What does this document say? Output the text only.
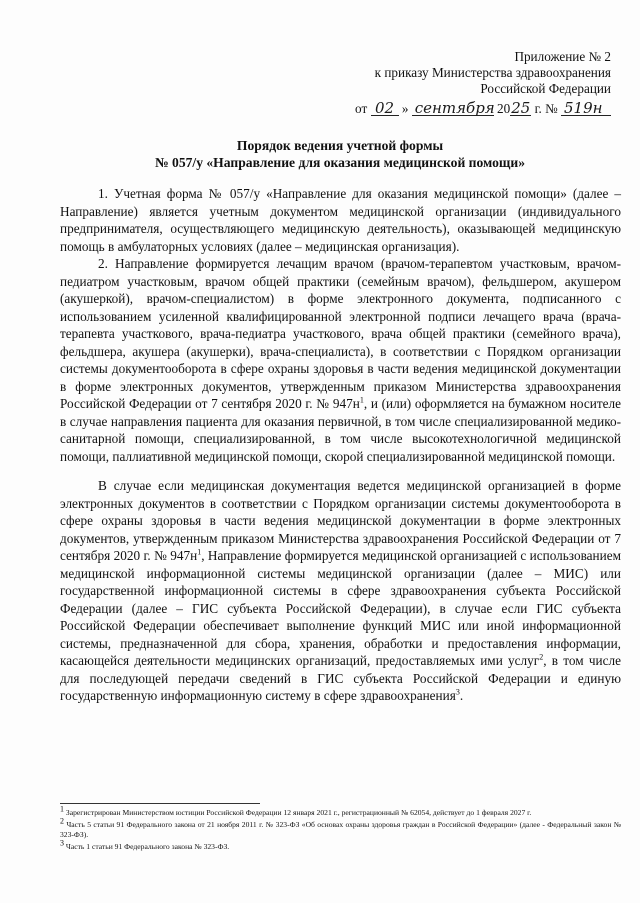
Приложение № 2
к приказу Министерства здравоохранения
Российской Федерации
от 02 » сентября 2025 г. № 519н
Порядок ведения учетной формы
№ 057/у «Направление для оказания медицинской помощи»

1. Учетная форма № 057/у «Направление для оказания медицинской помощи» (далее – Направление) является учетным документом медицинской организации (индивидуального предпринимателя, осуществляющего медицинскую деятельность), оказывающей медицинскую помощь в амбулаторных условиях (далее – медицинская организация).

2. Направление формируется лечащим врачом (врачом-терапевтом участковым, врачом-педиатром участковым, врачом общей практики (семейным врачом), фельдшером, акушером (акушеркой), врачом-специалистом) в форме электронного документа, подписанного с использованием усиленной квалифицированной электронной подписи лечащего врача (врача-терапевта участкового, врача-педиатра участкового, врача общей практики (семейного врача), фельдшера, акушера (акушерки), врача-специалиста), в соответствии с Порядком организации системы документооборота в сфере охраны здоровья в части ведения медицинской документации в форме электронных документов, утвержденным приказом Министерства здравоохранения Российской Федерации от 7 сентября 2020 г. № $947н^1$, и (или) оформляется на бумажном носителе в случае направления пациента для оказания первичной, в том числе специализированной медико-санитарной помощи, специализированной, в том числе высокотехнологичной медицинской помощи, паллиативной медицинской помощи, скорой специализированной медицинской помощи.

В случае если медицинская документация ведется медицинской организацией в форме электронных документов в соответствии с Порядком организации системы документооборота в сфере охраны здоровья в части ведения медицинской документации в форме электронных документов, утвержденным приказом Министерства здравоохранения Российской Федерации от 7 сентября 2020 г. № $947н^1$, Направление формируется медицинской организацией с использованием медицинской информационной системы медицинской организации (далее – МИС) или государственной информационной системы в сфере здравоохранения субъекта Российской Федерации (далее – ГИС субъекта Российской Федерации), в случае если ГИС субъекта Российской Федерации обеспечивает выполнение функций МИС или иной информационной системы, предназначенной для сбора, хранения, обработки и предоставления информации, касающейся деятельности медицинских организаций, предоставляемых ими услуг$^2$, в том числе для последующей передачи сведений в ГИС субъекта Российской Федерации и единую государственную информационную систему в сфере здравоохранения$^3$.

$^1$ Зарегистрирован Министерством юстиции Российской Федерации 12 января 2021 г., регистрационный № 62054, действует до 1 февраля 2027 г.

$^2$ Часть 5 статьи 91 Федерального закона от 21 ноября 2011 г. № 323-ФЗ «Об основах охраны здоровья граждан в Российской Федерации» (далее - Федеральный закон № 323-ФЗ).

$^3$ Часть 1 статьи 91 Федерального закона № 323-ФЗ.
